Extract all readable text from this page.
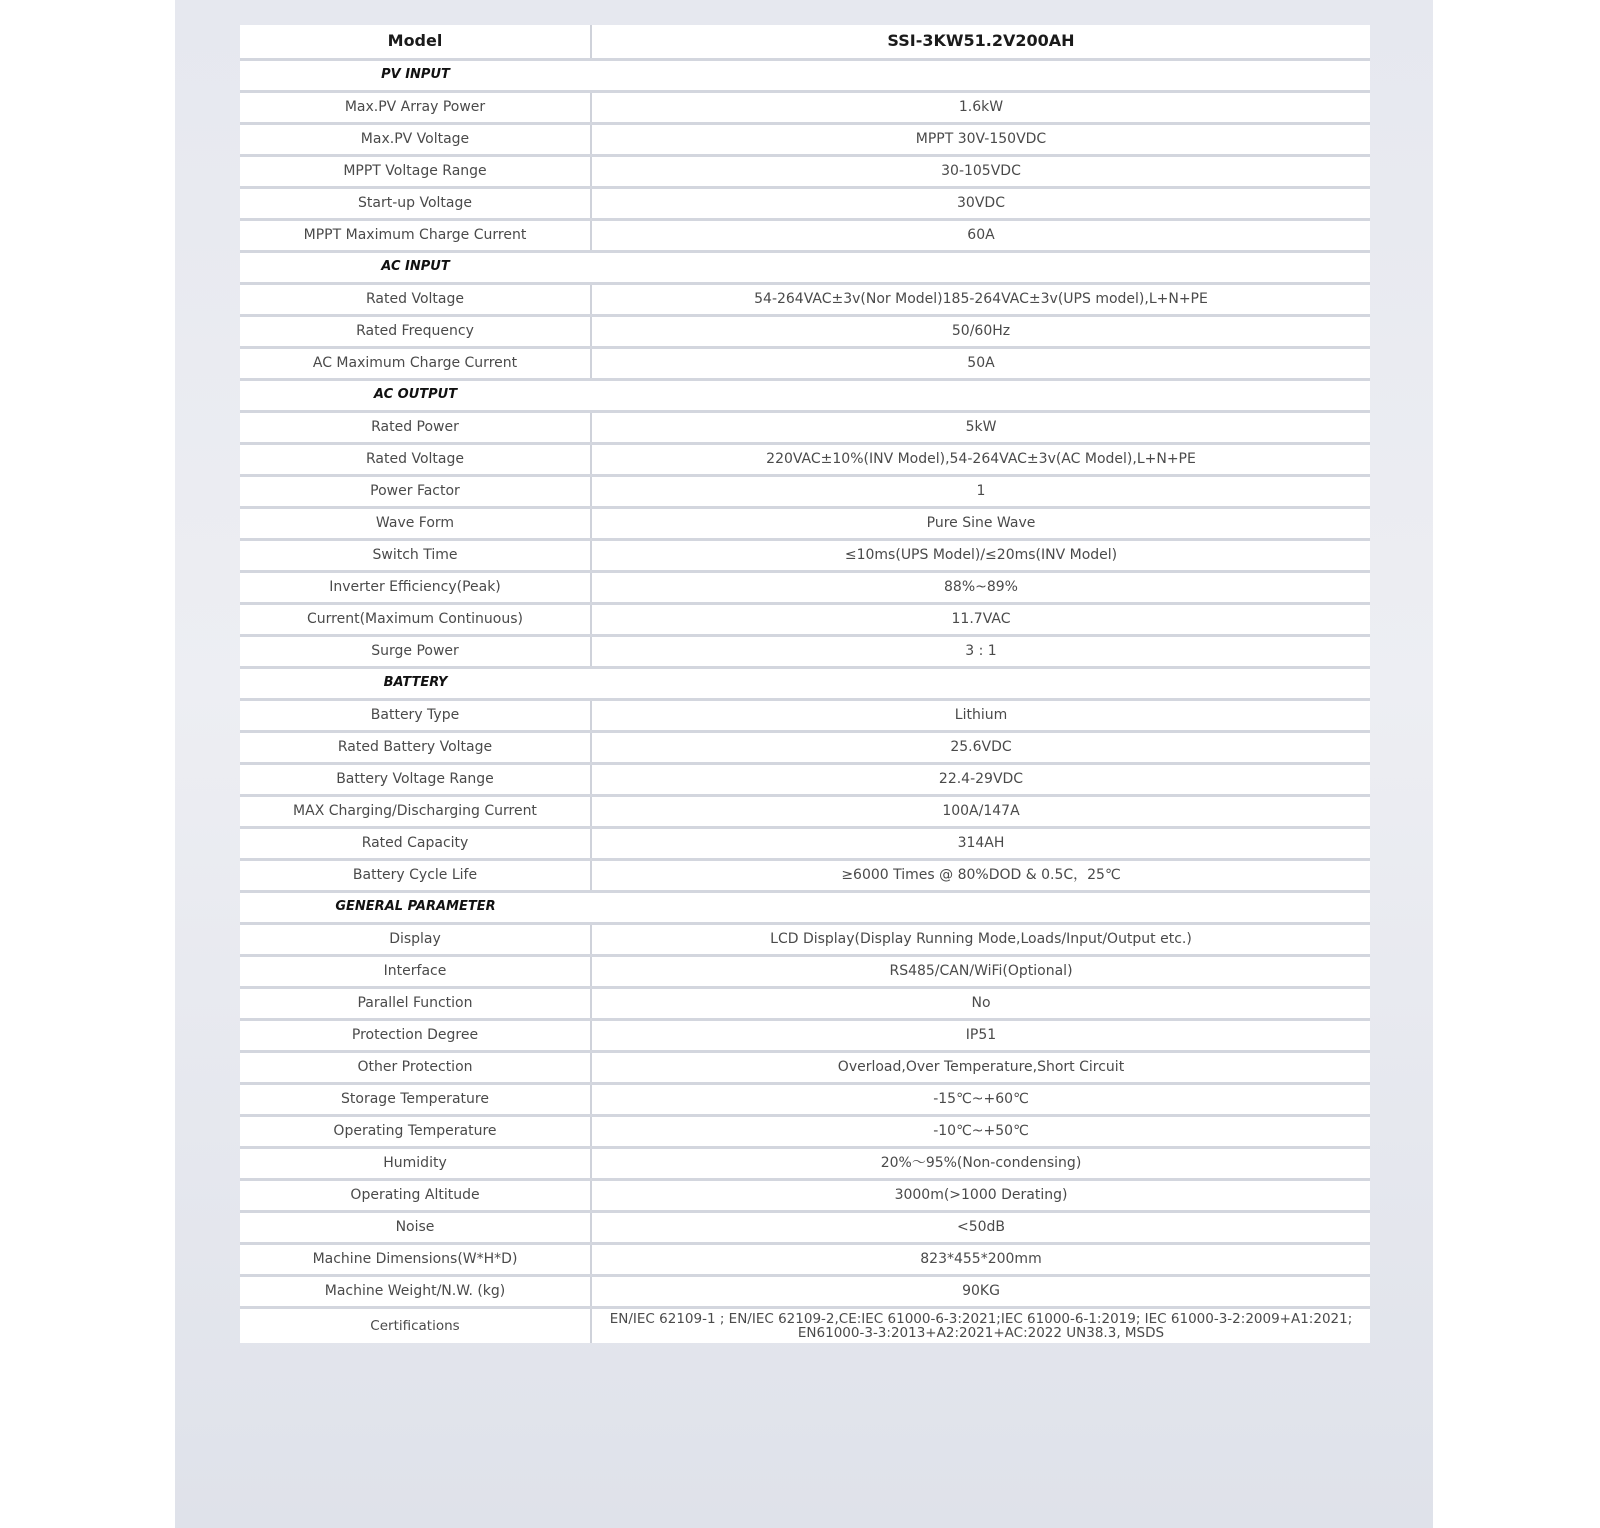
Model	SSI-3KW51.2V200AH
PV INPUT	
Max.PV Array Power	1.6kW
Max.PV Voltage	MPPT 30V-150VDC
MPPT Voltage Range	30-105VDC
Start-up Voltage	30VDC
MPPT Maximum Charge Current	60A
AC INPUT	
Rated Voltage	54-264VAC±3v(Nor Model)185-264VAC±3v(UPS model),L+N+PE
Rated Frequency	50/60Hz
AC Maximum Charge Current	50A
AC OUTPUT	
Rated Power	5kW
Rated Voltage	220VAC±10%(INV Model),54-264VAC±3v(AC Model),L+N+PE
Power Factor	1
Wave Form	Pure Sine Wave
Switch Time	≤10ms(UPS Model)/≤20ms(INV Model)
Inverter Efficiency(Peak)	88%~89%
Current(Maximum Continuous)	11.7VAC
Surge Power	3 : 1
BATTERY	
Battery Type	Lithium
Rated Battery Voltage	25.6VDC
Battery Voltage Range	22.4-29VDC
MAX Charging/Discharging Current	100A/147A
Rated Capacity	314AH
Battery Cycle Life	≥6000 Times @ 80%DOD & 0.5C，25℃
GENERAL PARAMETER	
Display	LCD Display(Display Running Mode,Loads/Input/Output etc.)
Interface	RS485/CAN/WiFi(Optional)
Parallel Function	No
Protection Degree	IP51
Other Protection	Overload,Over Temperature,Short Circuit
Storage Temperature	-15℃~+60℃
Operating Temperature	-10℃~+50℃
Humidity	20%～95%(Non-condensing)
Operating Altitude	3000m(>1000 Derating)
Noise	<50dB
Machine Dimensions(W*H*D)	823*455*200mm
Machine Weight/N.W. (kg)	90KG
Certifications	EN/IEC 62109-1 ; EN/IEC 62109-2,CE:IEC 61000-6-3:2021;IEC 61000-6-1:2019; IEC 61000-3-2:2009+A1:2021; EN61000-3-3:2013+A2:2021+AC:2022 UN38.3, MSDS
